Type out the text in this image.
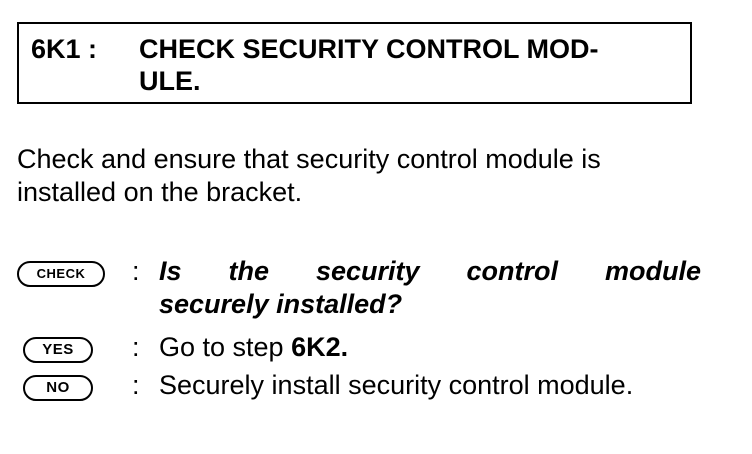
6K1 : CHECK SECURITY CONTROL MOD-
ULE.
Check and ensure that security control module is
installed on the bracket.
CHECK	: Is the security control module
securely installed?
YES	: Go to step 6K2.
NO	: Securely install security control module.
